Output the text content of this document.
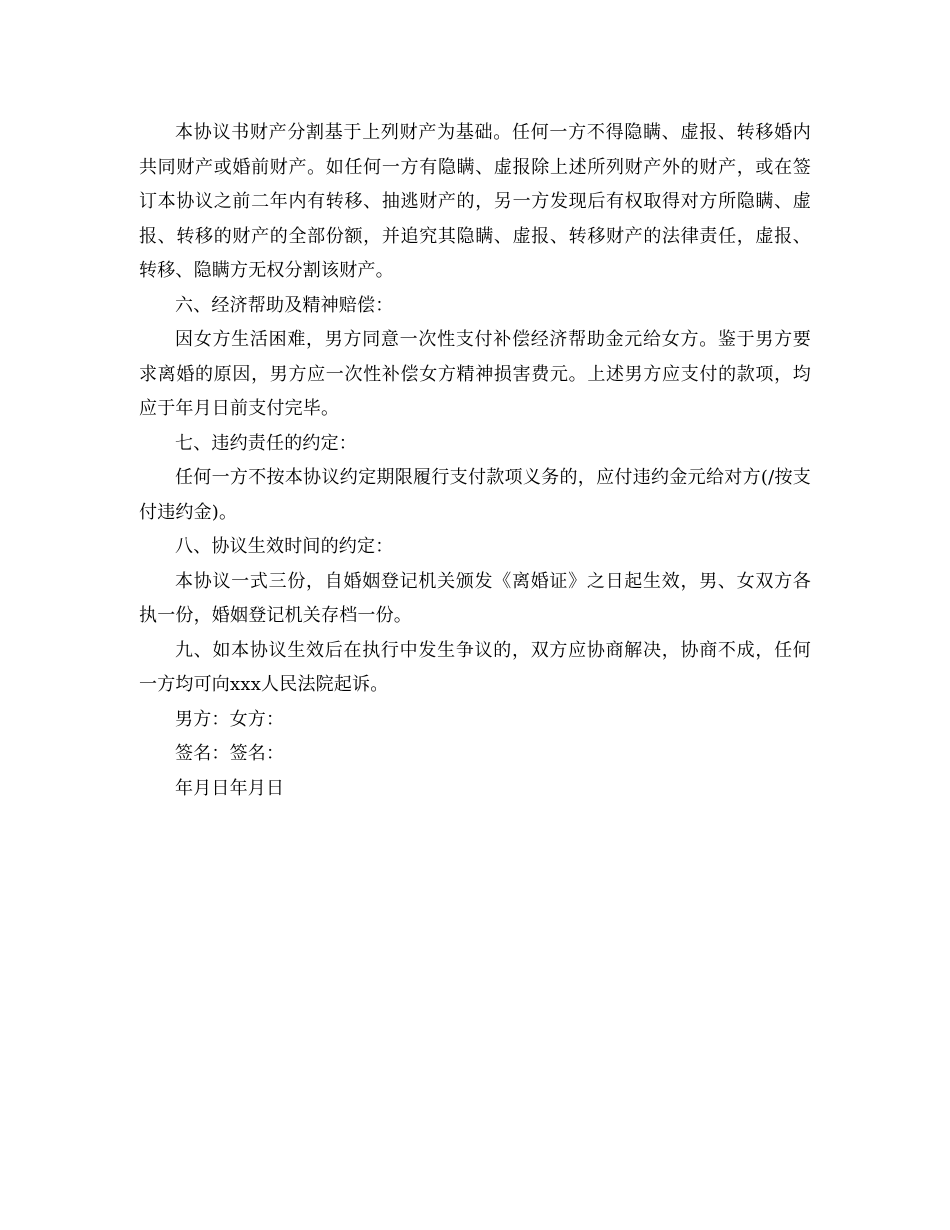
本协议书财产分割基于上列财产为基础。任何一方不得隐瞒、虚报、转移婚内共同财产或婚前财产。如任何一方有隐瞒、虚报除上述所列财产外的财产，或在签订本协议之前二年内有转移、抽逃财产的，另一方发现后有权取得对方所隐瞒、虚报、转移的财产的全部份额，并追究其隐瞒、虚报、转移财产的法律责任，虚报、转移、隐瞒方无权分割该财产。

六、经济帮助及精神赔偿：

因女方生活困难，男方同意一次性支付补偿经济帮助金元给女方。鉴于男方要求离婚的原因，男方应一次性补偿女方精神损害费元。上述男方应支付的款项，均应于年月日前支付完毕。

七、违约责任的约定：

任何一方不按本协议约定期限履行支付款项义务的，应付违约金元给对方(/按支付违约金)。

八、协议生效时间的约定：

本协议一式三份，自婚姻登记机关颁发《离婚证》之日起生效，男、女双方各执一份，婚姻登记机关存档一份。

九、如本协议生效后在执行中发生争议的，双方应协商解决，协商不成，任何一方均可向xxx人民法院起诉。

男方：女方：

签名：签名：

年月日年月日
